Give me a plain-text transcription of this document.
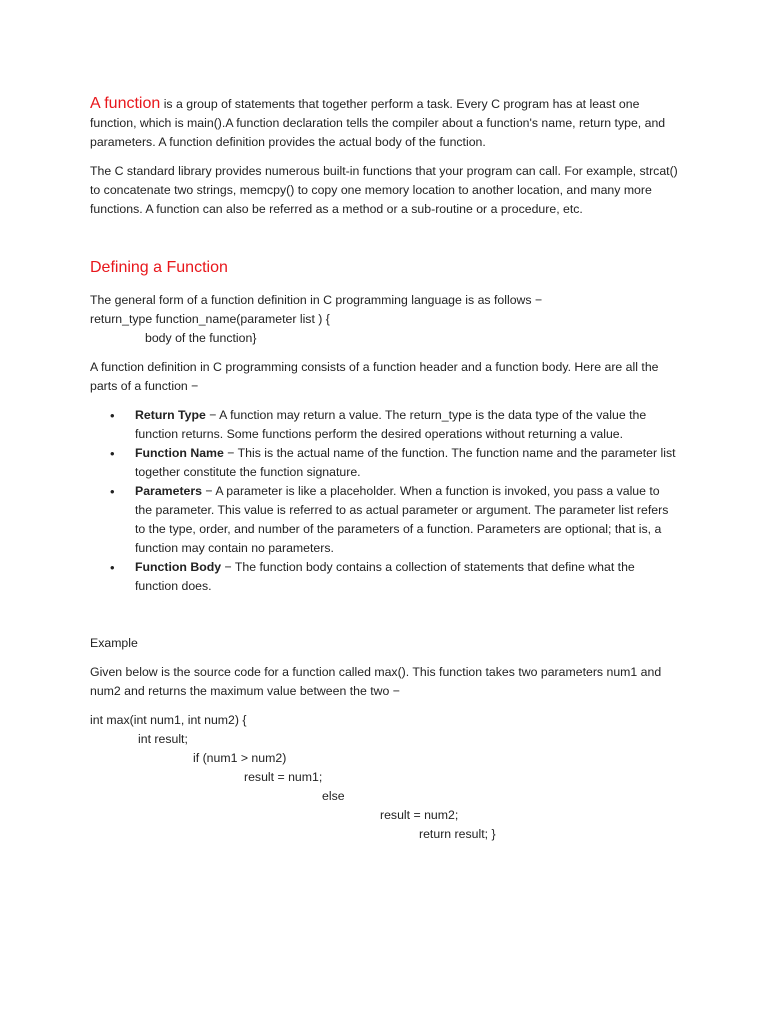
A function is a group of statements that together perform a task. Every C program has at least one function, which is main().A function declaration tells the compiler about a function's name, return type, and parameters. A function definition provides the actual body of the function.

The C standard library provides numerous built-in functions that your program can call. For example, strcat() to concatenate two strings, memcpy() to copy one memory location to another location, and many more functions. A function can also be referred as a method or a sub-routine or a procedure, etc.

Defining a Function

The general form of a function definition in C programming language is as follows −

return_type function_name(parameter list ) {

body of the function}

A function definition in C programming consists of a function header and a function body. Here are all the parts of a function −

• Return Type − A function may return a value. The return_type is the data type of the value the function returns. Some functions perform the desired operations without returning a value.
• Function Name − This is the actual name of the function. The function name and the parameter list together constitute the function signature.
• Parameters − A parameter is like a placeholder. When a function is invoked, you pass a value to the parameter. This value is referred to as actual parameter or argument. The parameter list refers to the type, order, and number of the parameters of a function. Parameters are optional; that is, a function may contain no parameters.
• Function Body − The function body contains a collection of statements that define what the function does.

Example

Given below is the source code for a function called max(). This function takes two parameters num1 and num2 and returns the maximum value between the two −

int max(int num1, int num2) {

int result;

if (num1 > num2)

result = num1;

else

result = num2;

return result; }
